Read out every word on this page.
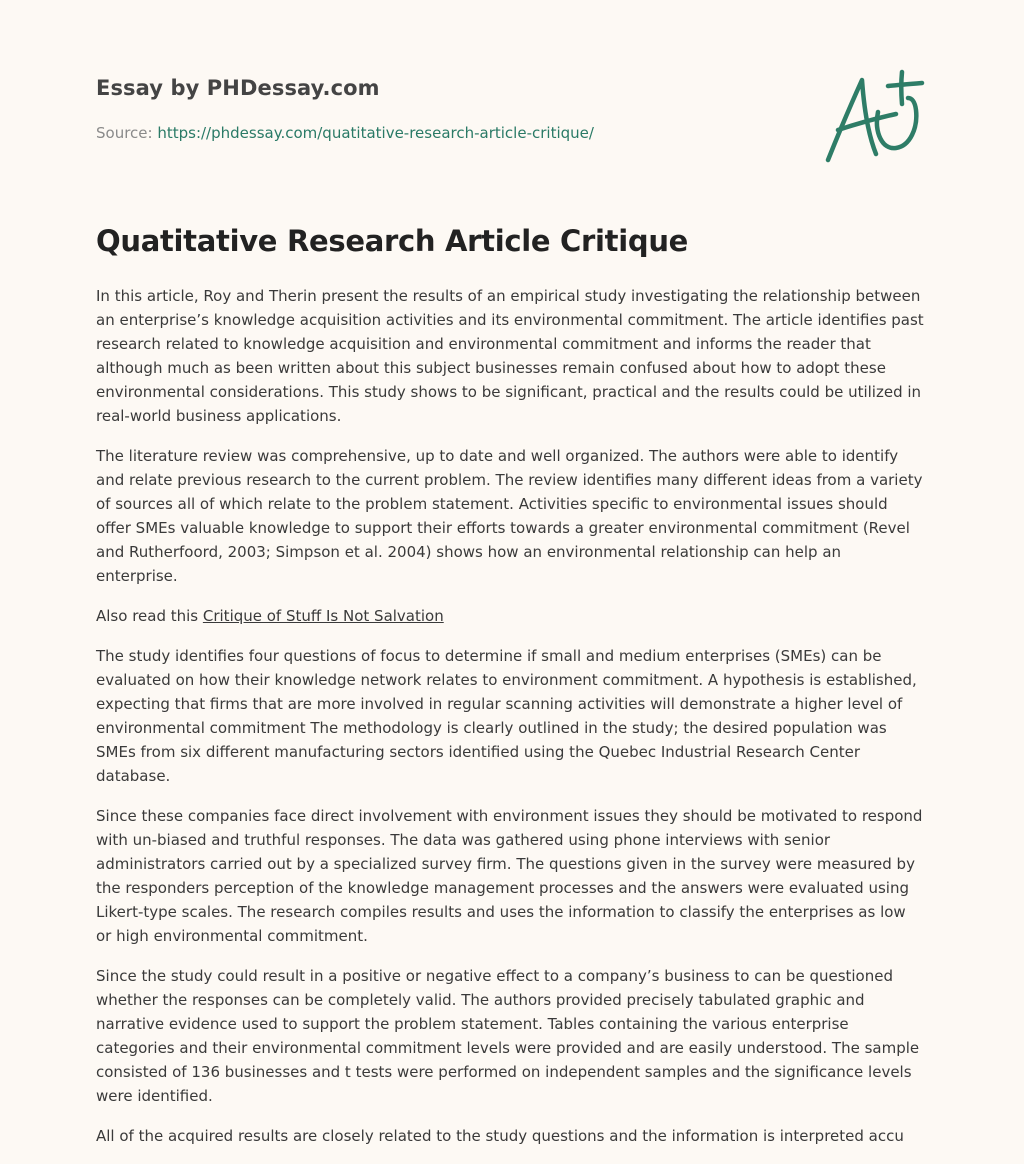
Essay by PHDessay.com
Source: https://phdessay.com/quatitative-research-article-critique/
Quatitative Research Article Critique

In this article, Roy and Therin present the results of an empirical study investigating the relationship between an enterprise’s knowledge acquisition activities and its environmental commitment. The article identifies past research related to knowledge acquisition and environmental commitment and informs the reader that although much as been written about this subject businesses remain confused about how to adopt these environmental considerations. This study shows to be significant, practical and the results could be utilized in real-world business applications.

The literature review was comprehensive, up to date and well organized. The authors were able to identify and relate previous research to the current problem. The review identifies many different ideas from a variety of sources all of which relate to the problem statement. Activities specific to environmental issues should offer SMEs valuable knowledge to support their efforts towards a greater environmental commitment (Revel and Rutherfoord, 2003; Simpson et al. 2004) shows how an environmental relationship can help an enterprise.

Also read this Critique of Stuff Is Not Salvation

The study identifies four questions of focus to determine if small and medium enterprises (SMEs) can be evaluated on how their knowledge network relates to environment commitment. A hypothesis is established, expecting that firms that are more involved in regular scanning activities will demonstrate a higher level of environmental commitment The methodology is clearly outlined in the study; the desired population was SMEs from six different manufacturing sectors identified using the Quebec Industrial Research Center database.

Since these companies face direct involvement with environment issues they should be motivated to respond with un-biased and truthful responses. The data was gathered using phone interviews with senior administrators carried out by a specialized survey firm. The questions given in the survey were measured by the responders perception of the knowledge management processes and the answers were evaluated using Likert-type scales. The research compiles results and uses the information to classify the enterprises as low or high environmental commitment.

Since the study could result in a positive or negative effect to a company’s business to can be questioned whether the responses can be completely valid. The authors provided precisely tabulated graphic and narrative evidence used to support the problem statement. Tables containing the various enterprise categories and their environmental commitment levels were provided and are easily understood. The sample consisted of 136 businesses and t tests were performed on independent samples and the significance levels were identified.

All of the acquired results are closely related to the study questions and the information is interpreted accu
